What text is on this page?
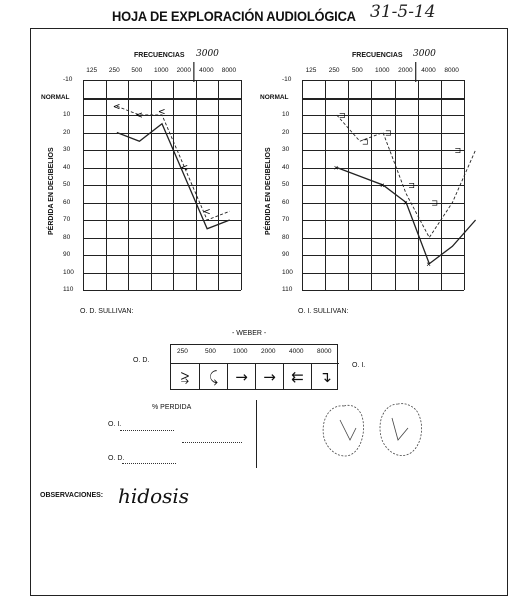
HOJA DE EXPLORACIÓN AUDIOLÓGICA 31-5-14
FRECUENCIAS 3000
125 250 500 1000 2000 4000 8000
-10
NORMAL
10
20
30
40
50
60
70
80
90
100
110
PÉRDIDA EN DECIBELIOS
O. D. SULLIVAN:
FRECUENCIAS 3000
125 250 500 1000 2000 4000 8000
-10
NORMAL
10
20
30
40
50
60
70
80
90
100
110
PÉRDIDA EN DECIBELIOS
O. I. SULLIVAN:
<
< <
<
<
⊐
⊐
⊐
⊐
⊐
⊐
×
×
×
×
- WEBER -
O. D.
O. I.
250
⥸
500
⤹
1000
→
2000
→
4000
⇇
8000
↴
% PERDIDA
O. I.
O. D.
OBSERVACIONES: hidosis
